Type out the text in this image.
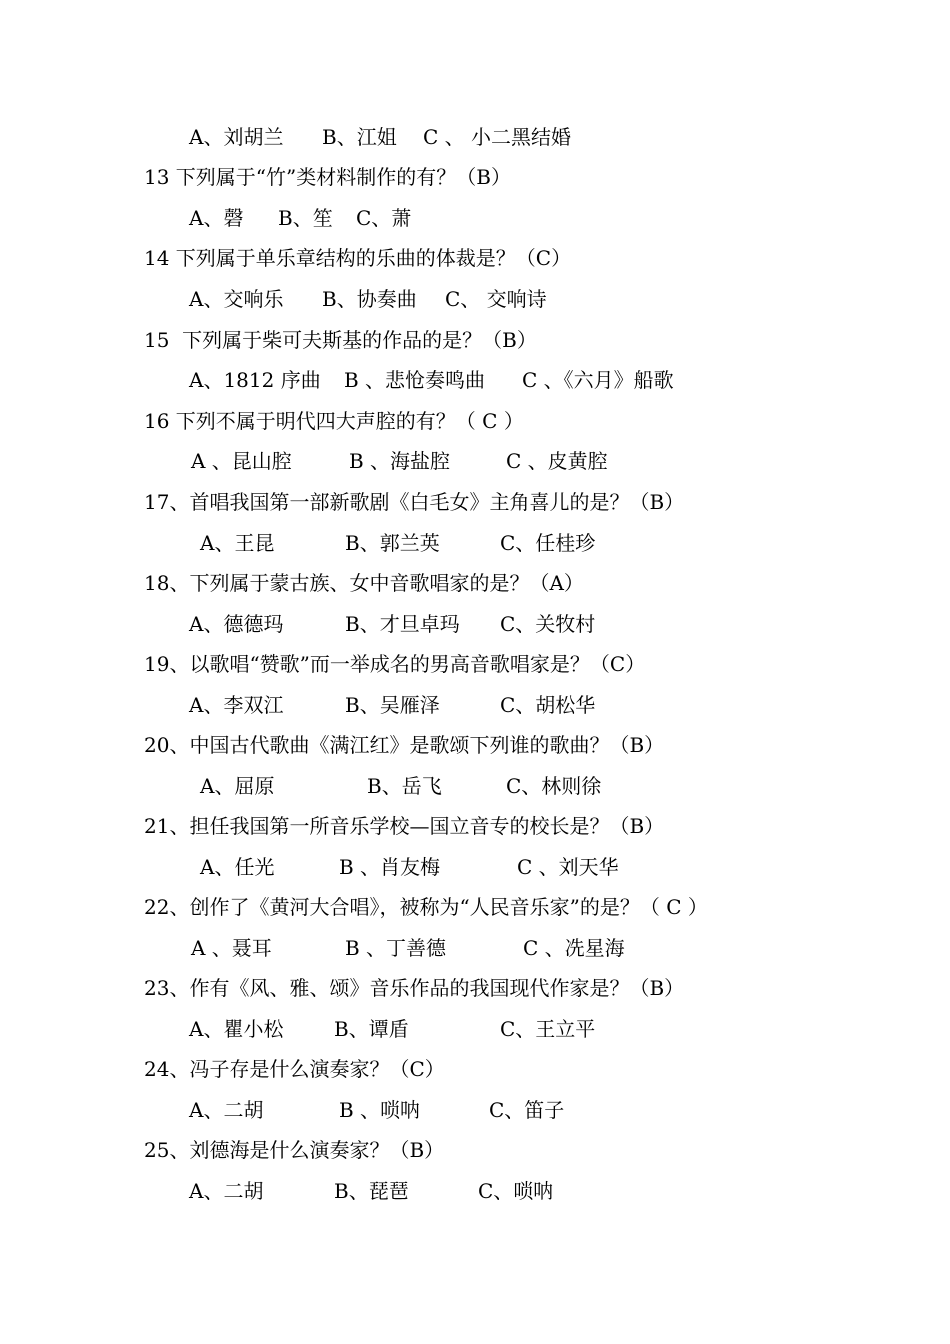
A、刘胡兰

B、江姐

C 、 小二黑结婚

13 下列属于“竹”类材料制作的有？（B）

A、磬

B、笙

C、萧

14 下列属于单乐章结构的乐曲的体裁是？（C）

A、交响乐

B、协奏曲

C、 交响诗

15  下列属于柴可夫斯基的作品的是？（B）

A、1812 序曲

B 、悲怆奏鸣曲

C 、《六月》船歌

16 下列不属于明代四大声腔的有？（ C ）

A 、昆山腔

	B 、海盐腔

	C 、皮黄腔

17、首唱我国第一部新歌剧《白毛女》主角喜儿的是？（B）

A、王昆

	B、郭兰英

	C、任桂珍

18、下列属于蒙古族、女中音歌唱家的是？（A）

A、德德玛

	B、才旦卓玛

C、关牧村

19、以歌唱“赞歌”而一举成名的男高音歌唱家是？（C）

A、李双江

	B、吴雁泽

	C、胡松华

20、中国古代歌曲《满江红》是歌颂下列谁的歌曲？（B）

A、屈原

	B、岳飞

	C、林则徐

21、担任我国第一所音乐学校—国立音专的校长是？（B）

A、任光

	B 、肖友梅

	C 、刘天华

22、创作了《黄河大合唱》，被称为“人民音乐家”的是？（ C ）

A 、聂耳

	B 、丁善德

	C 、冼星海

23、作有《风、雅、颂》音乐作品的我国现代作家是？（B）

A、瞿小松

	B、谭盾

	C、王立平

24、冯子存是什么演奏家？（C）

A、二胡

	B 、唢呐

	C、笛子

25、刘德海是什么演奏家？（B）

A、二胡

	B、琵琶

	C、唢呐
